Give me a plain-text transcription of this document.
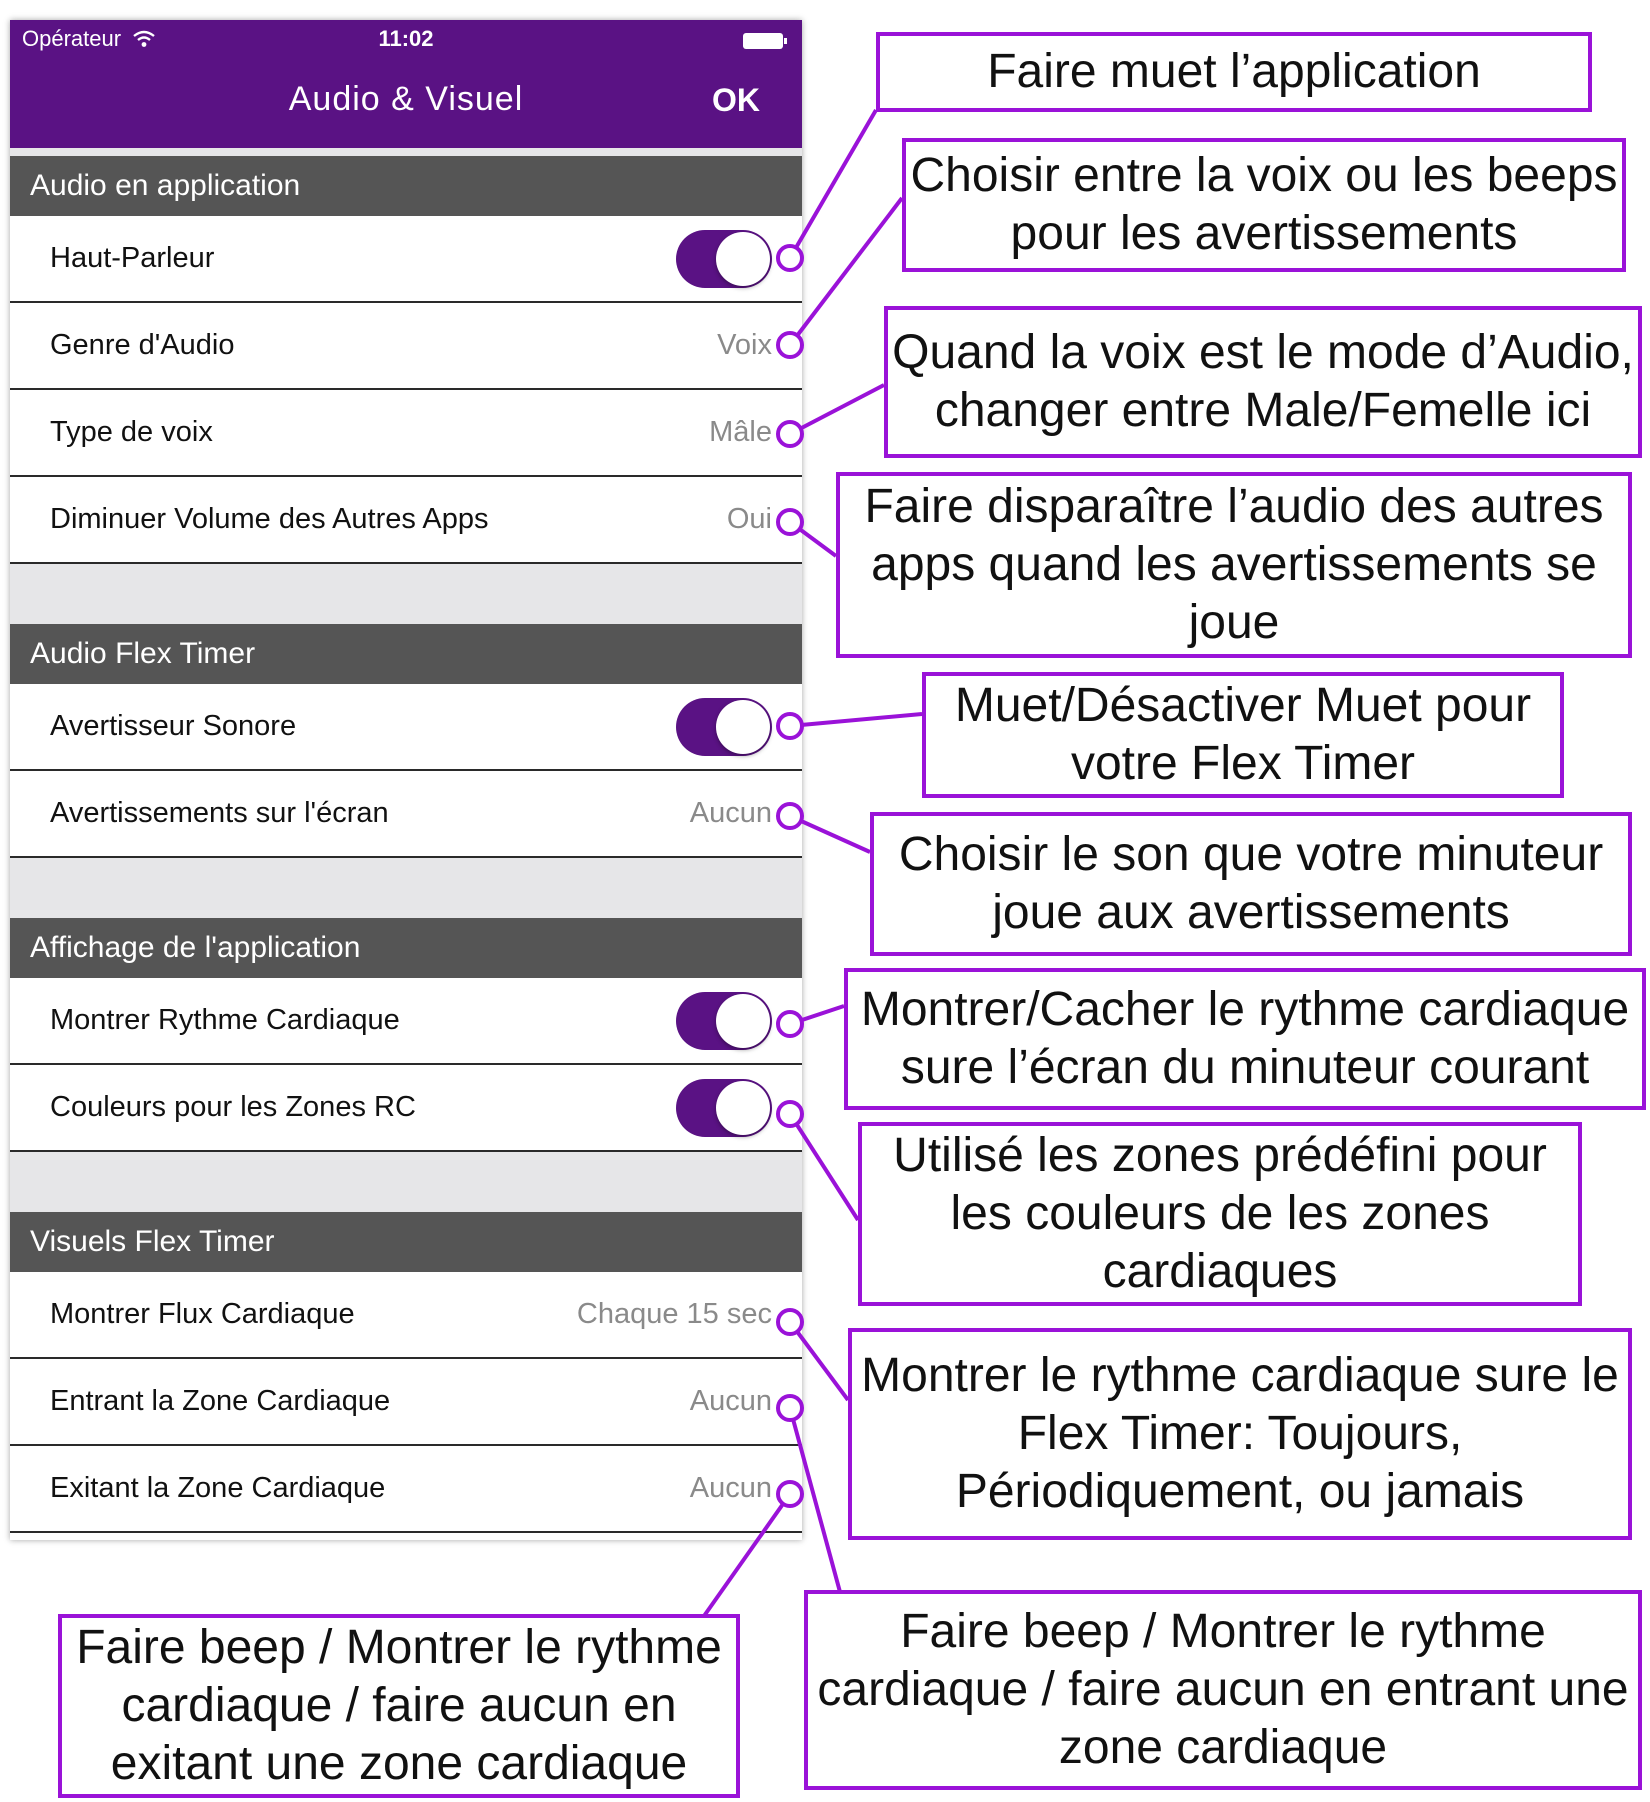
Opérateur	11:02
Audio & Visuel	OK
Audio en application
Haut-Parleur
Genre d'Audio	Voix
Type de voix	Mâle
Diminuer Volume des Autres Apps	Oui
Audio Flex Timer
Avertisseur Sonore
Avertissements sur l'écran	Aucun
Affichage de l'application
Montrer Rythme Cardiaque
Couleurs pour les Zones RC
Visuels Flex Timer
Montrer Flux Cardiaque	Chaque 15 sec
Entrant la Zone Cardiaque	Aucun
Exitant la Zone Cardiaque	Aucun
Faire muet l’application
Choisir entre la voix ou les beeps pour les avertissements
Quand la voix est le mode d’Audio, changer entre Male/Femelle ici
Faire disparaître l’audio des autres apps quand les avertissements se joue
Muet/Désactiver Muet pour votre Flex Timer
Choisir le son que votre minuteur joue aux avertissements
Montrer/Cacher le rythme cardiaque sure l’écran du minuteur courant
Utilisé les zones prédéfini pour les couleurs de les zones cardiaques
Montrer le rythme cardiaque sure le Flex Timer: Toujours, Périodiquement, ou jamais
Faire beep / Montrer le rythme cardiaque / faire aucun en entrant une zone cardiaque
Faire beep / Montrer le rythme cardiaque / faire aucun en exitant une zone cardiaque
